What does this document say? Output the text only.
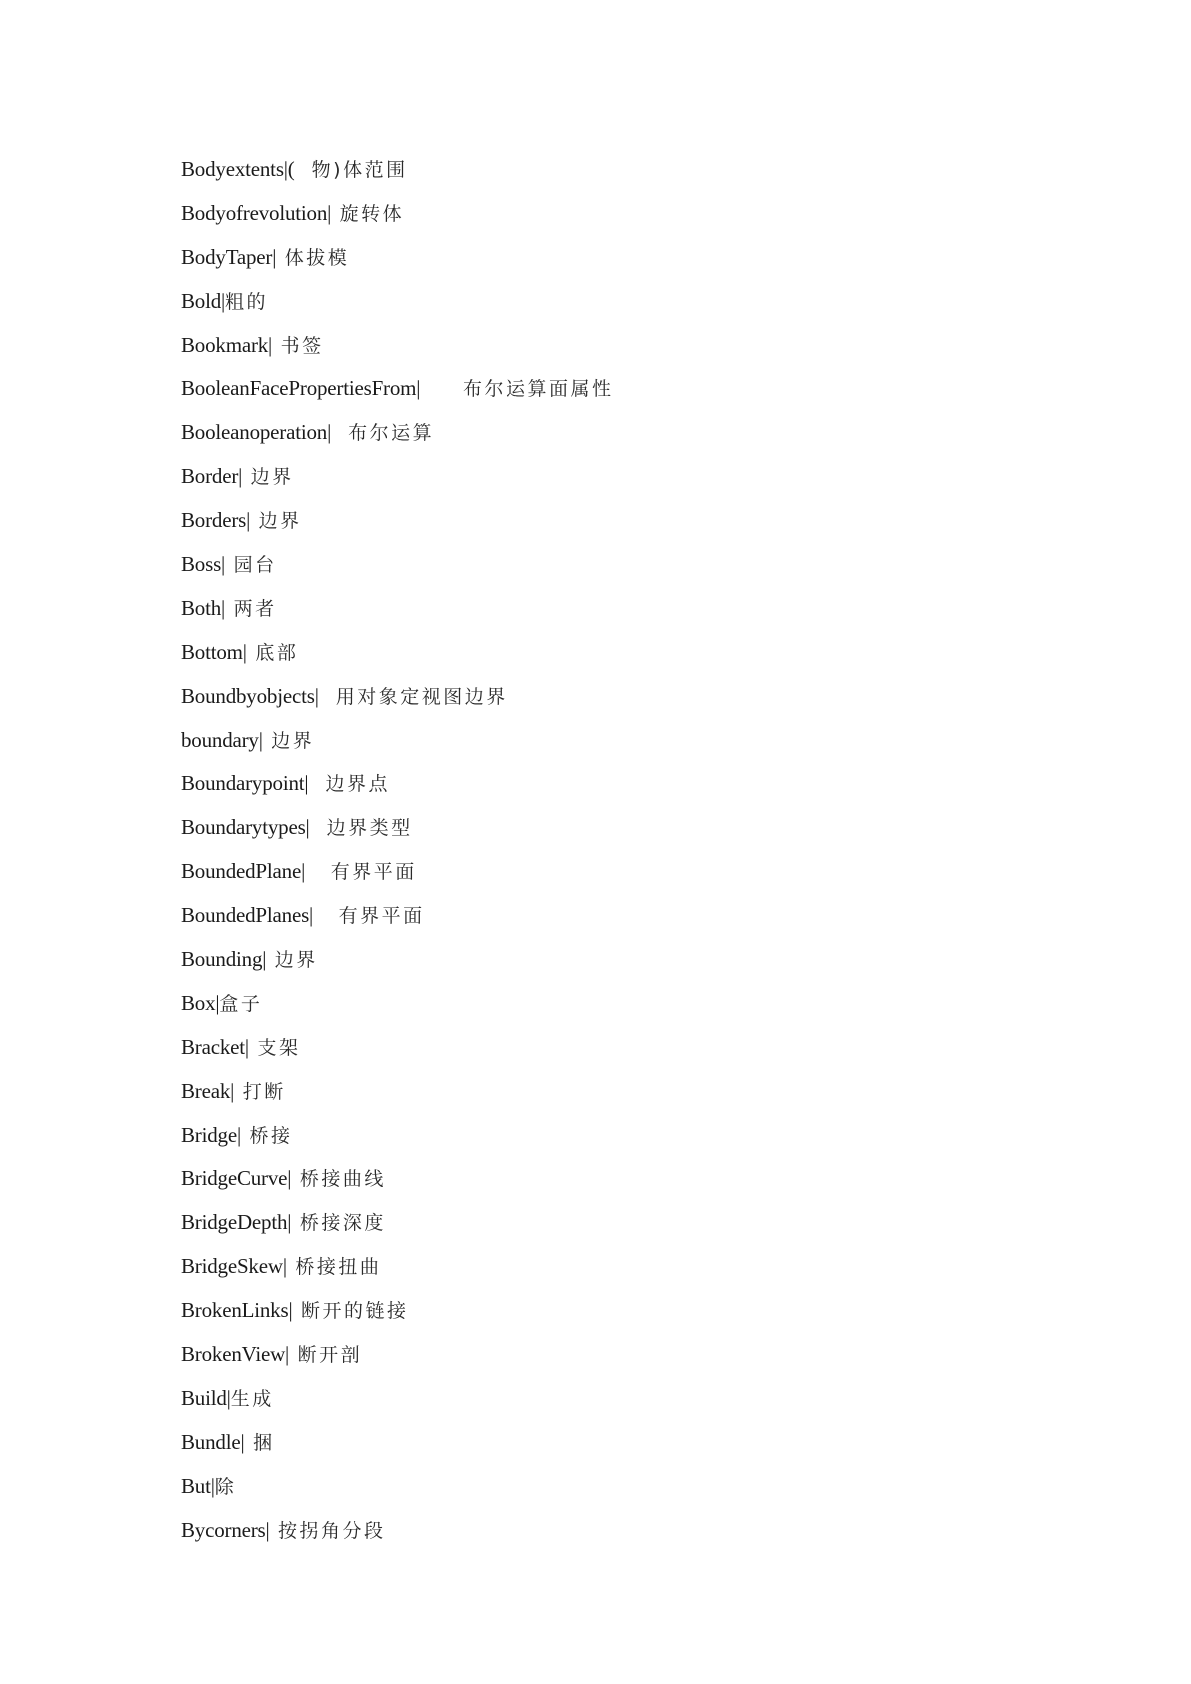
Bodyextents|(  物)体范围
Bodyofrevolution| 旋转体
BodyTaper| 体拔模
Bold|粗的
Bookmark| 书签
BooleanFacePropertiesFrom|     布尔运算面属性
Booleanoperation|  布尔运算
Border| 边界
Borders| 边界
Boss| 园台
Both| 两者
Bottom| 底部
Boundbyobjects|  用对象定视图边界
boundary| 边界
Boundarypoint|  边界点
Boundarytypes|  边界类型
BoundedPlane|   有界平面
BoundedPlanes|   有界平面
Bounding| 边界
Box|盒子
Bracket| 支架
Break| 打断
Bridge| 桥接
BridgeCurve| 桥接曲线
BridgeDepth| 桥接深度
BridgeSkew| 桥接扭曲
BrokenLinks| 断开的链接
BrokenView| 断开剖
Build|生成
Bundle| 捆
But|除
Bycorners| 按拐角分段
